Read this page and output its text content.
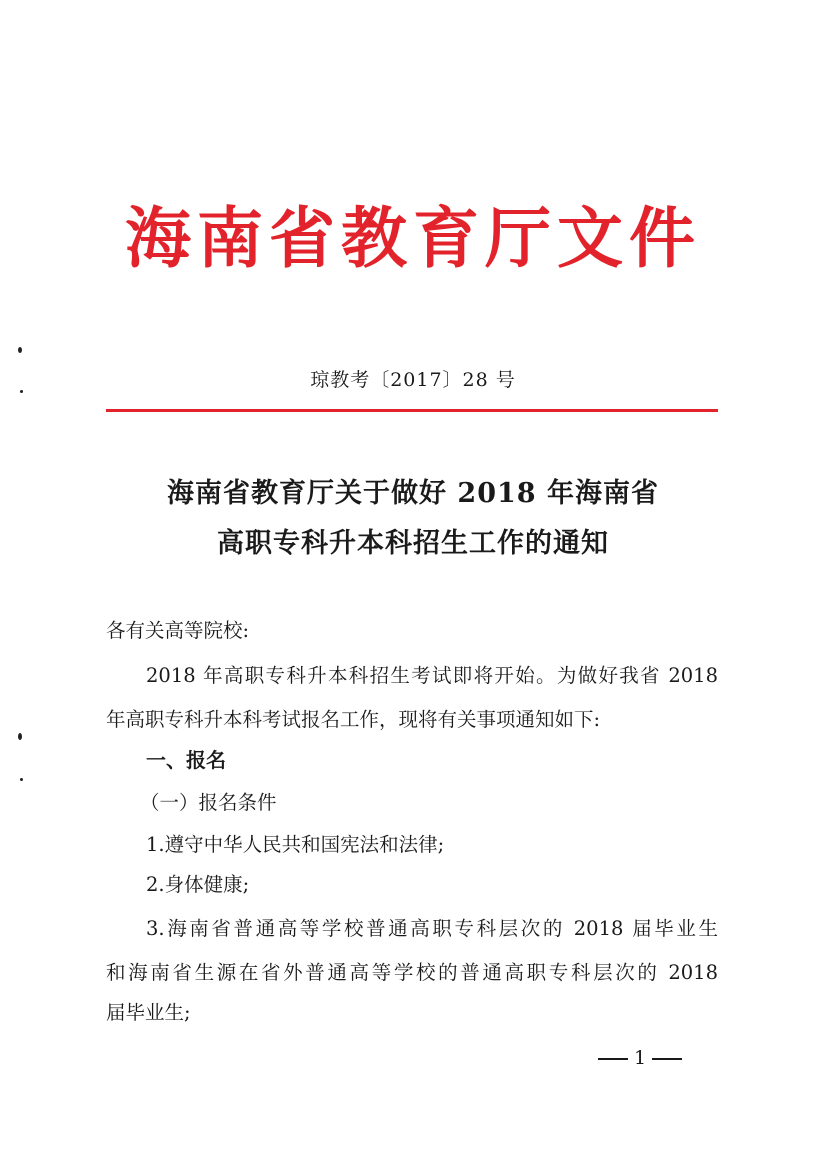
海南省教育厅文件
琼教考〔2017〕28 号
海南省教育厅关于做好 2018 年海南省
高职专科升本科招生工作的通知
各有关高等院校:
2018 年高职专科升本科招生考试即将开始。为做好我省 2018
年高职专科升本科考试报名工作，现将有关事项通知如下:
一、报名
（一）报名条件
1.遵守中华人民共和国宪法和法律;
2.身体健康;
3.海南省普通高等学校普通高职专科层次的 2018 届毕业生
和海南省生源在省外普通高等学校的普通高职专科层次的 2018
届毕业生;
1
